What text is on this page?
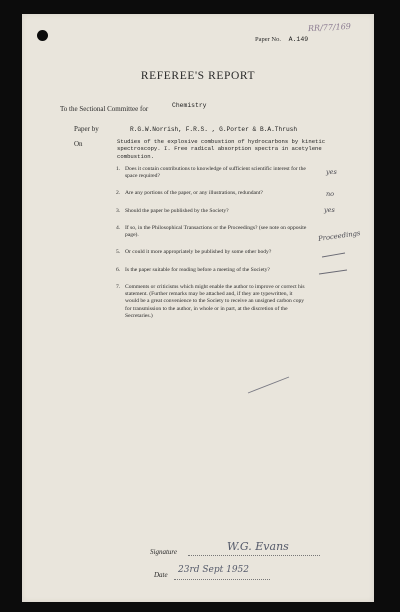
RR/77/169
Paper No. A.149
REFEREE'S REPORT
To the Sectional Committee for	Chemistry
Paper by	R.G.W.Norrish, F.R.S. , G.Porter & B.A.Thrush
On	Studies of the explosive combustion of hydrocarbons by kinetic
spectroscopy. I. Free radical absorption spectra in acetylene
combustion.
1. Does it contain contributions to knowledge of sufficient scientific interest for the
space required?
yes
2. Are any portions of the paper, or any illustrations, redundant?	no
3. Should the paper be published by the Society?	yes
4. If so, in the Philosophical Transactions or the Proceedings? (see note on opposite
page).	Proceedings
5. Or could it more appropriately be published by some other body?
6. Is the paper suitable for reading before a meeting of the Society?
7. Comments or criticisms which might enable the author to improve or correct his
statement. (Further remarks may be attached and, if they are typewritten, it
would be a great convenience to the Society to receive an unsigned carbon copy
for transmission to the author, in whole or in part, at the discretion of the
Secretaries.)
Signature	W.G. Evans
Date 23rd Sept 1952
